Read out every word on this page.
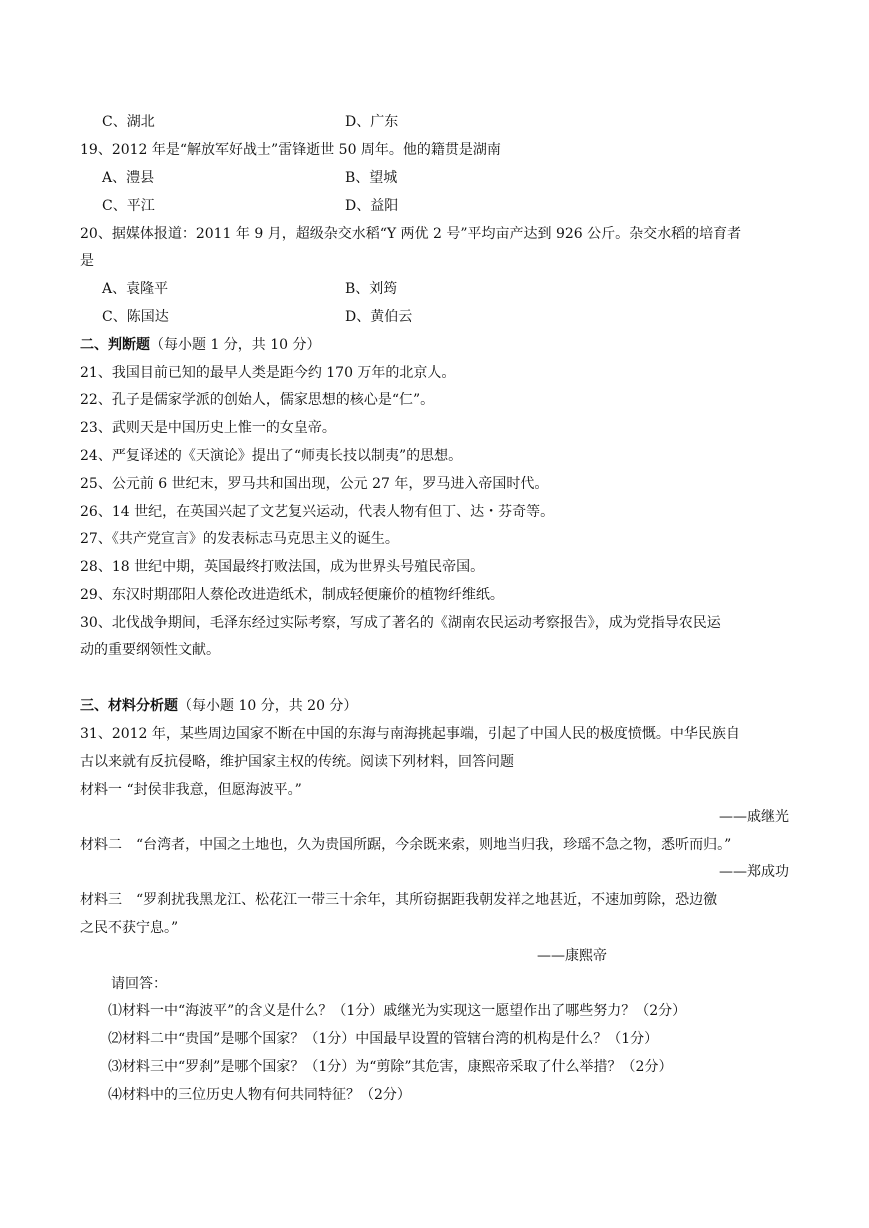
C、湖北	D、广东
19、2012 年是“解放军好战士”雷锋逝世 50 周年。他的籍贯是湖南
A、澧县	B、望城
C、平江	D、益阳
20、据媒体报道：2011 年 9 月，超级杂交水稻“Y 两优 2 号”平均亩产达到 926 公斤。杂交水稻的培育者
是
A、袁隆平	B、刘筠
C、陈国达	D、黄伯云
二、判断题（每小题 1 分，共 10 分）
21、我国目前已知的最早人类是距今约 170 万年的北京人。
22、孔子是儒家学派的创始人，儒家思想的核心是“仁”。
23、武则天是中国历史上惟一的女皇帝。
24、严复译述的《天演论》提出了“师夷长技以制夷”的思想。
25、公元前 6 世纪末，罗马共和国出现，公元 27 年，罗马进入帝国时代。
26、14 世纪，在英国兴起了文艺复兴运动，代表人物有但丁、达・芬奇等。
27、《共产党宣言》的发表标志马克思主义的诞生。
28、18 世纪中期，英国最终打败法国，成为世界头号殖民帝国。
29、东汉时期邵阳人蔡伦改进造纸术，制成轻便廉价的植物纤维纸。
30、北伐战争期间，毛泽东经过实际考察，写成了著名的《湖南农民运动考察报告》，成为党指导农民运
动的重要纲领性文献。
三、材料分析题（每小题 10 分，共 20 分）
31、2012 年，某些周边国家不断在中国的东海与南海挑起事端，引起了中国人民的极度愤慨。中华民族自
古以来就有反抗侵略，维护国家主权的传统。阅读下列材料，回答问题
材料一 “封侯非我意，但愿海波平。”
——戚继光
材料二　“台湾者，中国之土地也，久为贵国所踞，今余既来索，则地当归我，珍瑶不急之物，悉听而归。”
——郑成功
材料三　“罗刹扰我黑龙江、松花江一带三十余年，其所窃据距我朝发祥之地甚近，不速加剪除，恐边徼
之民不获宁息。”
——康熙帝
请回答：
⑴材料一中“海波平”的含义是什么？（1分）戚继光为实现这一愿望作出了哪些努力？（2分）
⑵材料二中“贵国”是哪个国家？（1分）中国最早设置的管辖台湾的机构是什么？（1分）
⑶材料三中“罗刹”是哪个国家？（1分）为“剪除”其危害，康熙帝采取了什么举措？（2分）
⑷材料中的三位历史人物有何共同特征？（2分）
